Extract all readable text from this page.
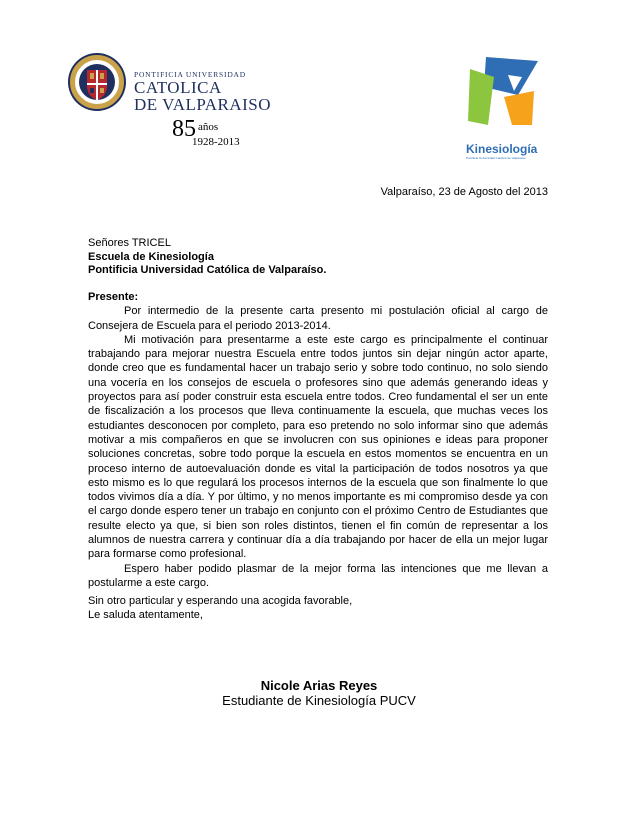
PONTIFICIA UNIVERSIDAD
CATOLICA
DE VALPARAISO
85 años
1928-2013	Kinesiología
Pontificia Universidad Católica de Valparaíso
Valparaíso, 23 de Agosto del 2013
Señores TRICEL
Escuela de Kinesiología
Pontificia Universidad Católica de Valparaíso.

Presente:

Por intermedio de la presente carta presento mi postulación oficial al cargo de Consejera de Escuela para el periodo 2013-2014.

Mi motivación para presentarme a este este cargo es principalmente el continuar trabajando para mejorar nuestra Escuela entre todos juntos sin dejar ningún actor aparte, donde creo que es fundamental hacer un trabajo serio y sobre todo continuo, no solo siendo una vocería en los consejos de escuela o profesores sino que además generando ideas y proyectos para así poder construir esta escuela entre todos. Creo fundamental el ser un ente de fiscalización a los procesos que lleva continuamente la escuela, que muchas veces los estudiantes desconocen por completo, para eso pretendo no solo informar sino que además motivar a mis compañeros en que se involucren con sus opiniones e ideas para proponer soluciones concretas, sobre todo porque la escuela en estos momentos se encuentra en un proceso interno de autoevaluación donde es vital la participación de todos nosotros ya que esto mismo es lo que regulará los procesos internos de la escuela que son finalmente lo que todos vivimos día a día. Y por último, y no menos importante es mi compromiso desde ya con el cargo donde espero tener un trabajo en conjunto con el próximo Centro de Estudiantes que resulte electo ya que, si bien son roles distintos, tienen el fin común de representar a los alumnos de nuestra carrera y continuar día a día trabajando por hacer de ella un mejor lugar para formarse como profesional.

Espero haber podido plasmar de la mejor forma las intenciones que me llevan a postularme a este cargo.

Sin otro particular y esperando una acogida favorable,
Le saluda atentamente,
Nicole Arias Reyes
Estudiante de Kinesiología PUCV
